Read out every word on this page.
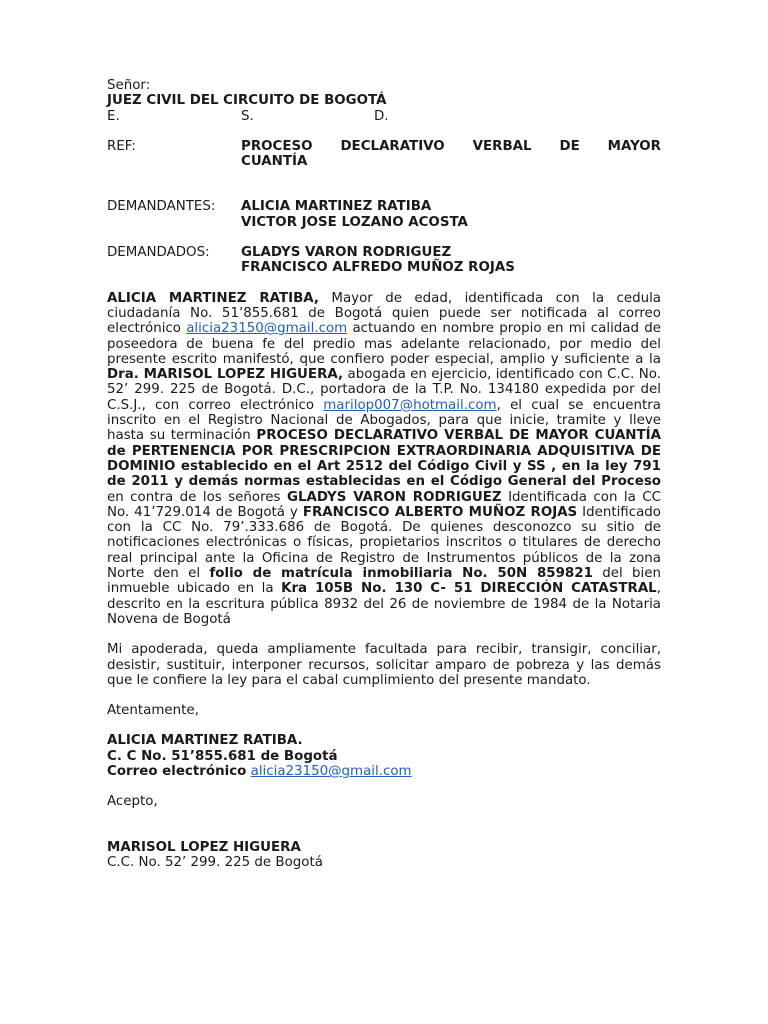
Señor:
JUEZ CIVIL DEL CIRCUITO DE BOGOTÁ
E.	S.	D.
REF:	PROCESO DECLARATIVO VERBAL DE MAYOR
CUANTÍA
DEMANDANTES:	ALICIA MARTINEZ RATIBA
VICTOR JOSE LOZANO ACOSTA
DEMANDADOS:	GLADYS VARON RODRIGUEZ
FRANCISCO ALFREDO MUÑOZ ROJAS
ALICIA MARTINEZ RATIBA, Mayor de edad, identificada con la cedula ciudadanía No. 51’855.681 de Bogotá quien puede ser notificada al correo electrónico alicia23150@gmail.com actuando en nombre propio en mi calidad de poseedora de buena fe del predio mas adelante relacionado, por medio del presente escrito manifestó, que confiero poder especial, amplio y suficiente a la Dra. MARISOL LOPEZ HIGUERA, abogada en ejercicio, identificado con C.C. No. 52’ 299. 225 de Bogotá. D.C., portadora de la T.P. No. 134180 expedida por del C.S.J., con correo electrónico marilop007@hotmail.com, el cual se encuentra inscrito en el Registro Nacional de Abogados, para que inicie, tramite y lleve hasta su terminación PROCESO DECLARATIVO VERBAL DE MAYOR CUANTÍA de PERTENENCIA POR PRESCRIPCION EXTRAORDINARIA ADQUISITIVA DE DOMINIO establecido en el Art 2512 del Código Civil y SS , en la ley 791 de 2011 y demás normas establecidas en el Código General del Proceso en contra de los señores GLADYS VARON RODRIGUEZ Identificada con la CC No. 41’729.014 de Bogotá y FRANCISCO ALBERTO MUÑOZ ROJAS Identificado con la CC No. 79’.333.686 de Bogotá. De quienes desconozco su sitio de notificaciones electrónicas o físicas, propietarios inscritos o titulares de derecho real principal ante la Oficina de Registro de Instrumentos públicos de la zona Norte den el folio de matrícula inmobiliaria No. 50N 859821 del bien inmueble ubicado en la Kra 105B No. 130 C- 51 DIRECCIÓN CATASTRAL, descrito en la escritura pública 8932 del 26 de noviembre de 1984 de la Notaria Novena de Bogotá
Mi apoderada, queda ampliamente facultada para recibir, transigir, conciliar, desistir, sustituir, interponer recursos, solicitar amparo de pobreza y las demás que le confiere la ley para el cabal cumplimiento del presente mandato.
Atentamente,
ALICIA MARTINEZ RATIBA.
C. C No. 51’855.681 de Bogotá
Correo electrónico alicia23150@gmail.com
Acepto,
MARISOL LOPEZ HIGUERA
C.C. No. 52’ 299. 225 de Bogotá
